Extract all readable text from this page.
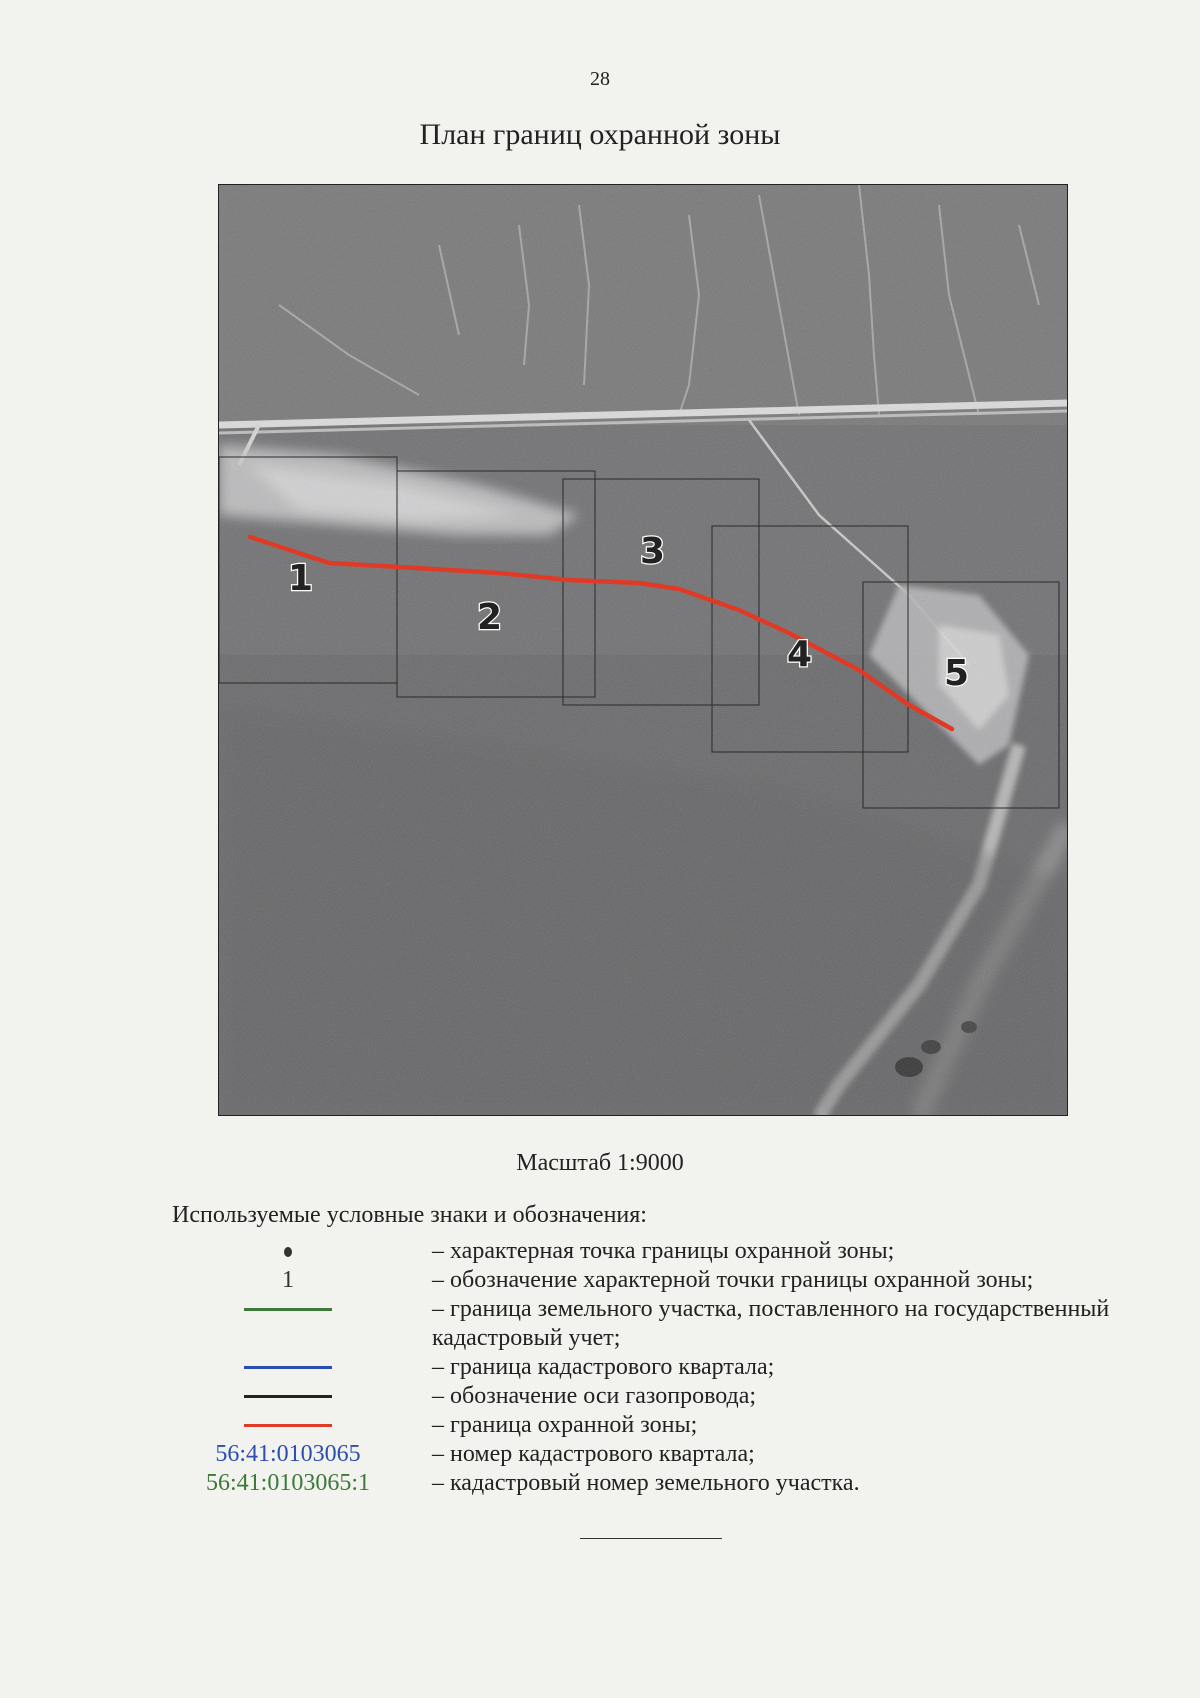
28
План границ охранной зоны
1
2
3
4	5
Масштаб 1:9000
Используемые условные знаки и обозначения:
– характерная точка границы охранной зоны;
1	– обозначение характерной точки границы охранной зоны;
– граница земельного участка, поставленного на государственный кадастровый учет;
– граница кадастрового квартала;
– обозначение оси газопровода;
– граница охранной зоны;
56:41:0103065	– номер кадастрового квартала;
56:41:0103065:1	– кадастровый номер земельного участка.
